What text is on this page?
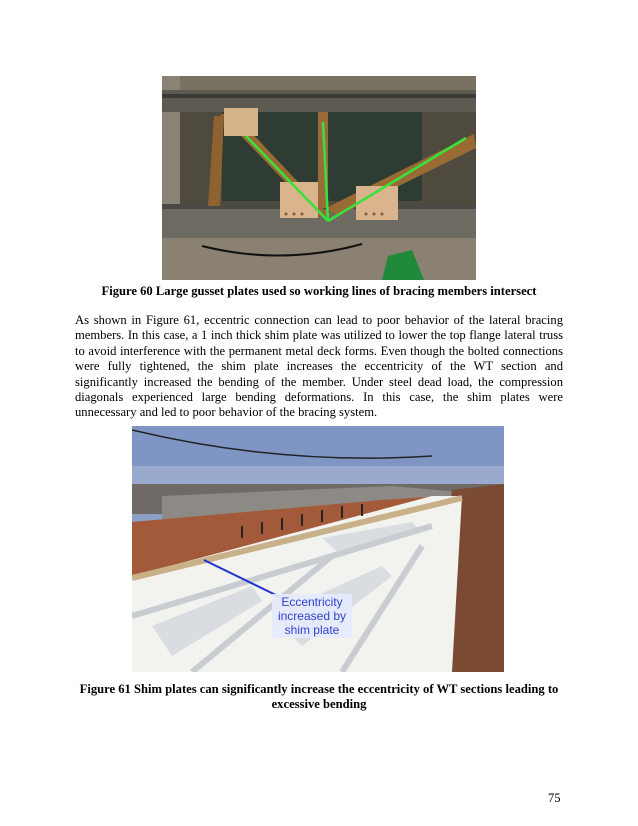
Figure 60 Large gusset plates used so working lines of bracing members intersect
As shown in Figure 61, eccentric connection can lead to poor behavior of the lateral bracing members. In this case, a 1 inch thick shim plate was utilized to lower the top flange lateral truss to avoid interference with the permanent metal deck forms. Even though the bolted connections were fully tightened, the shim plate increases the eccentricity of the WT section and significantly increased the bending of the member. Under steel dead load, the compression diagonals experienced large bending deformations. In this case, the shim plates were unnecessary and led to poor behavior of the bracing system.
Eccentricity
increased by
shim plate
Figure 61 Shim plates can significantly increase the eccentricity of WT sections leading to excessive bending
75
